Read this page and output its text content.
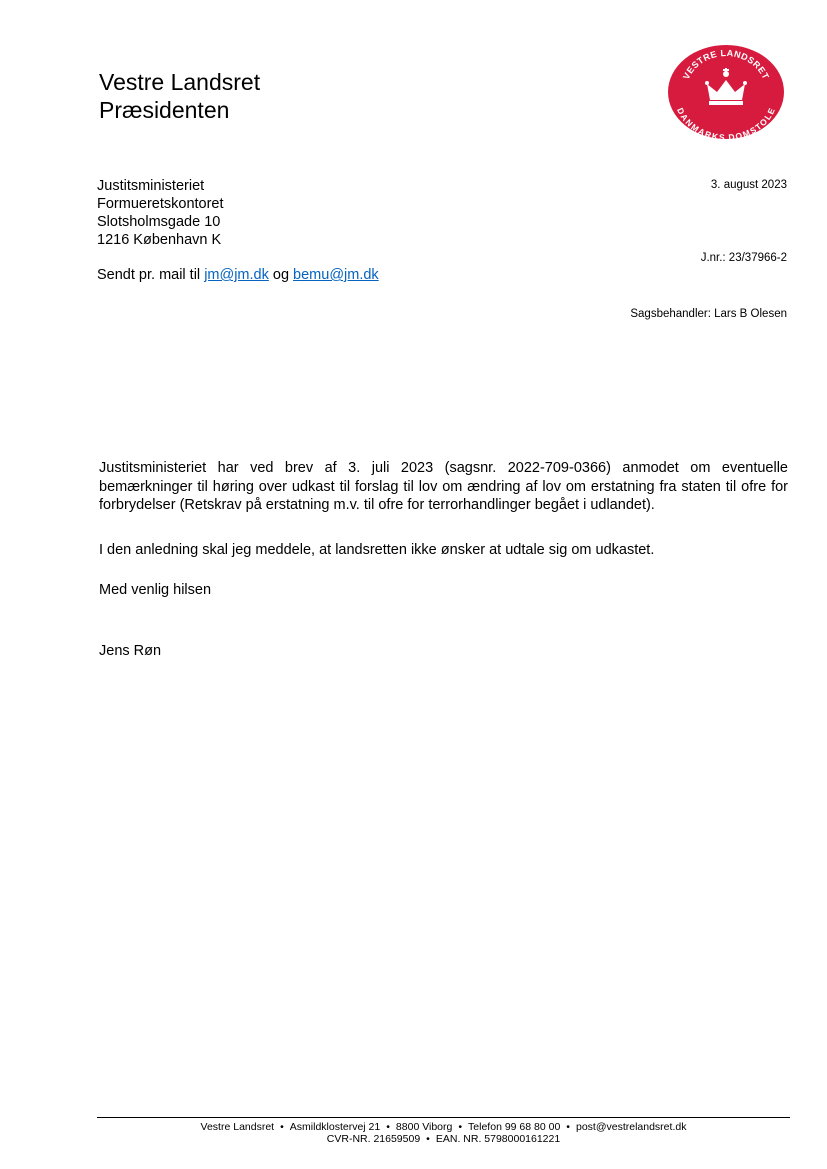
Vestre Landsret
Præsidenten
VESTRE LANDSRET
DANMARKS DOMSTOLE
Justitsministeriet
Formueretskontoret
Slotsholmsgade 10
1216 København K
Sendt pr. mail til jm@jm.dk og bemu@jm.dk
3. august 2023
J.nr.: 23/37966-2
Sagsbehandler: Lars B Olesen
Justitsministeriet har ved brev af 3. juli 2023 (sagsnr. 2022-709-0366) anmodet om eventuelle bemærkninger til høring over udkast til forslag til lov om ændring af lov om erstatning fra staten til ofre for forbrydelser (Retskrav på erstatning m.v. til ofre for terrorhandlinger begået i udlandet).
I den anledning skal jeg meddele, at landsretten ikke ønsker at udtale sig om udkastet.
Med venlig hilsen
Jens Røn
Vestre Landsret • Asmildklostervej 21 • 8800 Viborg • Telefon 99 68 80 00 • post@vestrelandsret.dk
CVR-NR. 21659509 • EAN. NR. 5798000161221
